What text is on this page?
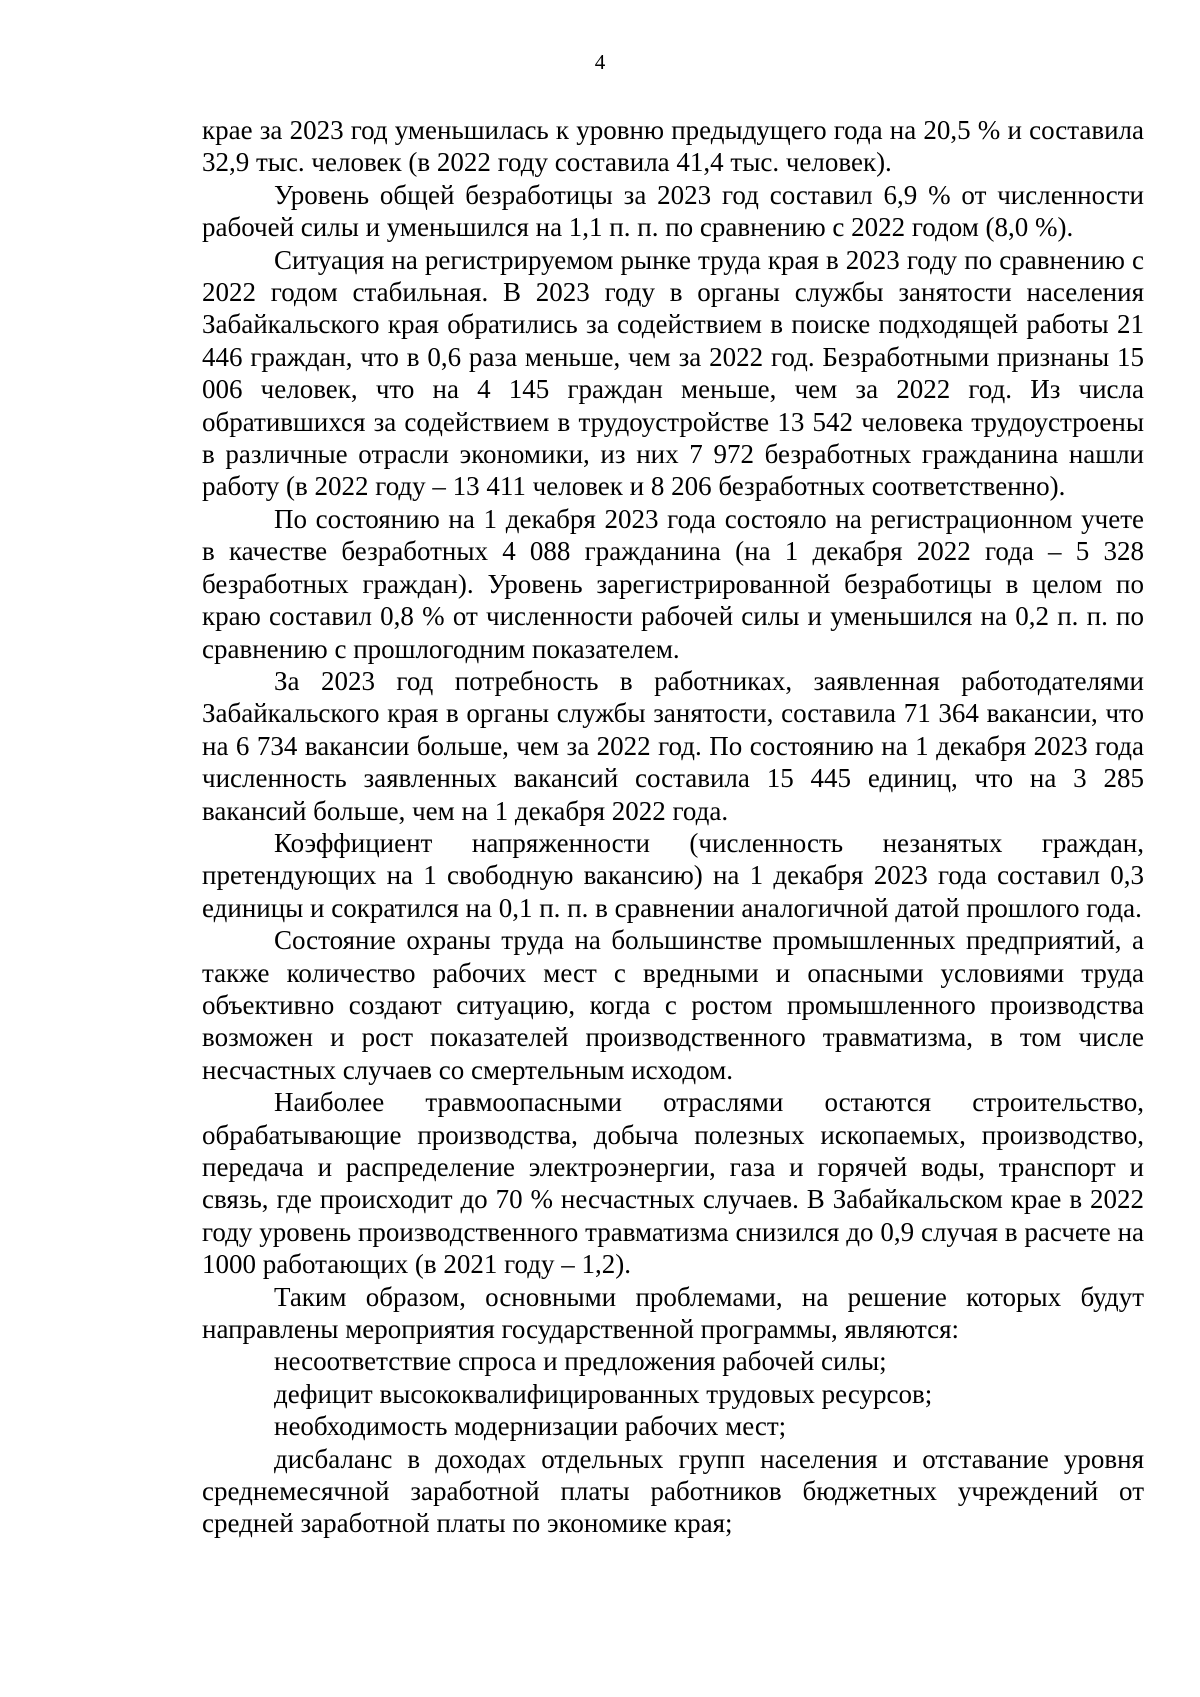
4

крае за 2023 год уменьшилась к уровню предыдущего года на 20,5 % и составила 32,9 тыс. человек (в 2022 году составила 41,4 тыс. человек).

Уровень общей безработицы за 2023 год составил 6,9 % от численности рабочей силы и уменьшился на 1,1 п. п. по сравнению с 2022 годом (8,0 %).

Ситуация на регистрируемом рынке труда края в 2023 году по сравнению с 2022 годом стабильная. В 2023 году в органы службы занятости населения Забайкальского края обратились за содействием в поиске подходящей работы 21 446 граждан, что в 0,6 раза меньше, чем за 2022 год. Безработными признаны 15 006 человек, что на 4 145 граждан меньше, чем за 2022 год. Из числа обратившихся за содействием в трудоустройстве 13 542 человека трудоустроены в различные отрасли экономики, из них 7 972 безработных гражданина нашли работу (в 2022 году – 13 411 человек и 8 206 безработных соответственно).

По состоянию на 1 декабря 2023 года состояло на регистрационном учете в качестве безработных 4 088 гражданина (на 1 декабря 2022 года – 5 328 безработных граждан). Уровень зарегистрированной безработицы в целом по краю составил 0,8 % от численности рабочей силы и уменьшился на 0,2 п. п. по сравнению с прошлогодним показателем.

За 2023 год потребность в работниках, заявленная работодателями Забайкальского края в органы службы занятости, составила 71 364 вакансии, что на 6 734 вакансии больше, чем за 2022 год. По состоянию на 1 декабря 2023 года численность заявленных вакансий составила 15 445 единиц, что на 3 285 вакансий больше, чем на 1 декабря 2022 года.

Коэффициент напряженности (численность незанятых граждан, претендующих на 1 свободную вакансию) на 1 декабря 2023 года составил 0,3 единицы и сократился на 0,1 п. п. в сравнении аналогичной датой прошлого года.

Состояние охраны труда на большинстве промышленных предприятий, а также количество рабочих мест с вредными и опасными условиями труда объективно создают ситуацию, когда с ростом промышленного производства возможен и рост показателей производственного травматизма, в том числе несчастных случаев со смертельным исходом.

Наиболее травмоопасными отраслями остаются строительство, обрабатывающие производства, добыча полезных ископаемых, производство, передача и распределение электроэнергии, газа и горячей воды, транспорт и связь, где происходит до 70 % несчастных случаев. В Забайкальском крае в 2022 году уровень производственного травматизма снизился до 0,9 случая в расчете на 1000 работающих (в 2021 году – 1,2).

Таким образом, основными проблемами, на решение которых будут направлены мероприятия государственной программы, являются:

несоответствие спроса и предложения рабочей силы;

дефицит высококвалифицированных трудовых ресурсов;

необходимость модернизации рабочих мест;

дисбаланс в доходах отдельных групп населения и отставание уровня среднемесячной заработной платы работников бюджетных учреждений от средней заработной платы по экономике края;
